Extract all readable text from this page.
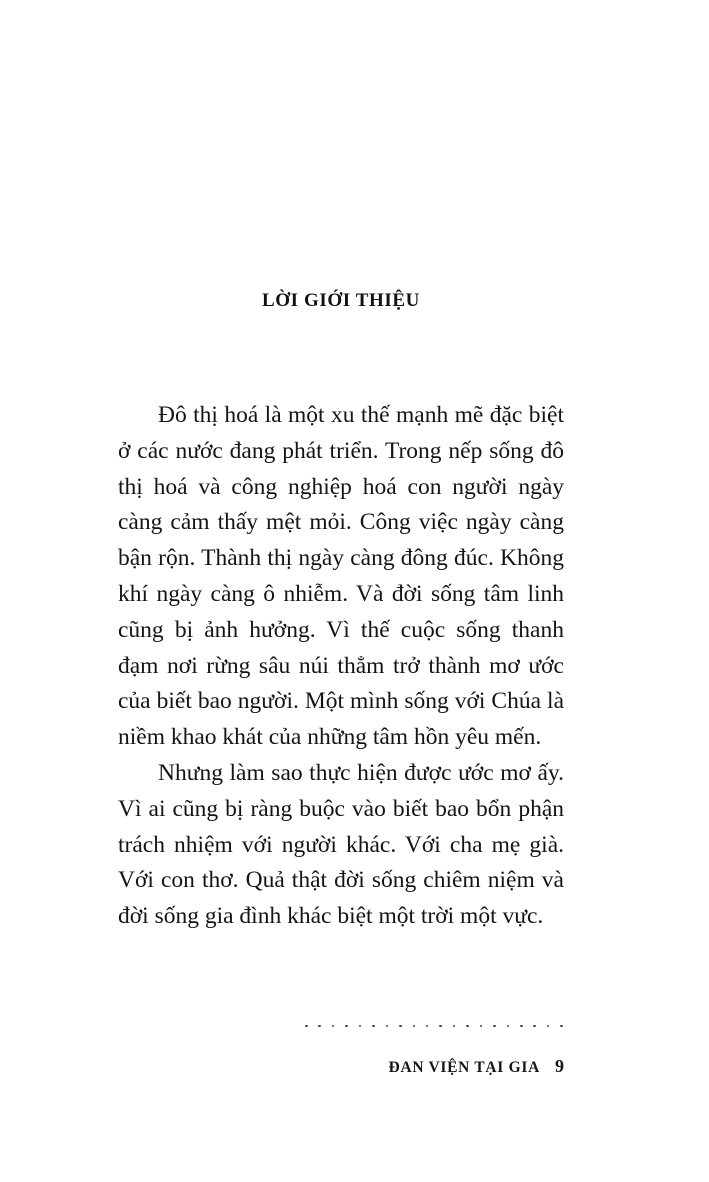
LỜI GIỚI THIỆU

Đô thị hoá là một xu thế mạnh mẽ đặc biệt ở các nước đang phát triển. Trong nếp sống đô thị hoá và công nghiệp hoá con người ngày càng cảm thấy mệt mỏi. Công việc ngày càng bận rộn. Thành thị ngày càng đông đúc. Không khí ngày càng ô nhiễm. Và đời sống tâm linh cũng bị ảnh hưởng. Vì thế cuộc sống thanh đạm nơi rừng sâu núi thẳm trở thành mơ ước của biết bao người. Một mình sống với Chúa là niềm khao khát của những tâm hồn yêu mến.

Nhưng làm sao thực hiện được ước mơ ấy. Vì ai cũng bị ràng buộc vào biết bao bổn phận trách nhiệm với người khác. Với cha mẹ già. Với con thơ. Quả thật đời sống chiêm niệm và đời sống gia đình khác biệt một trời một vực.

ĐAN VIỆN TẠI GIA 9
